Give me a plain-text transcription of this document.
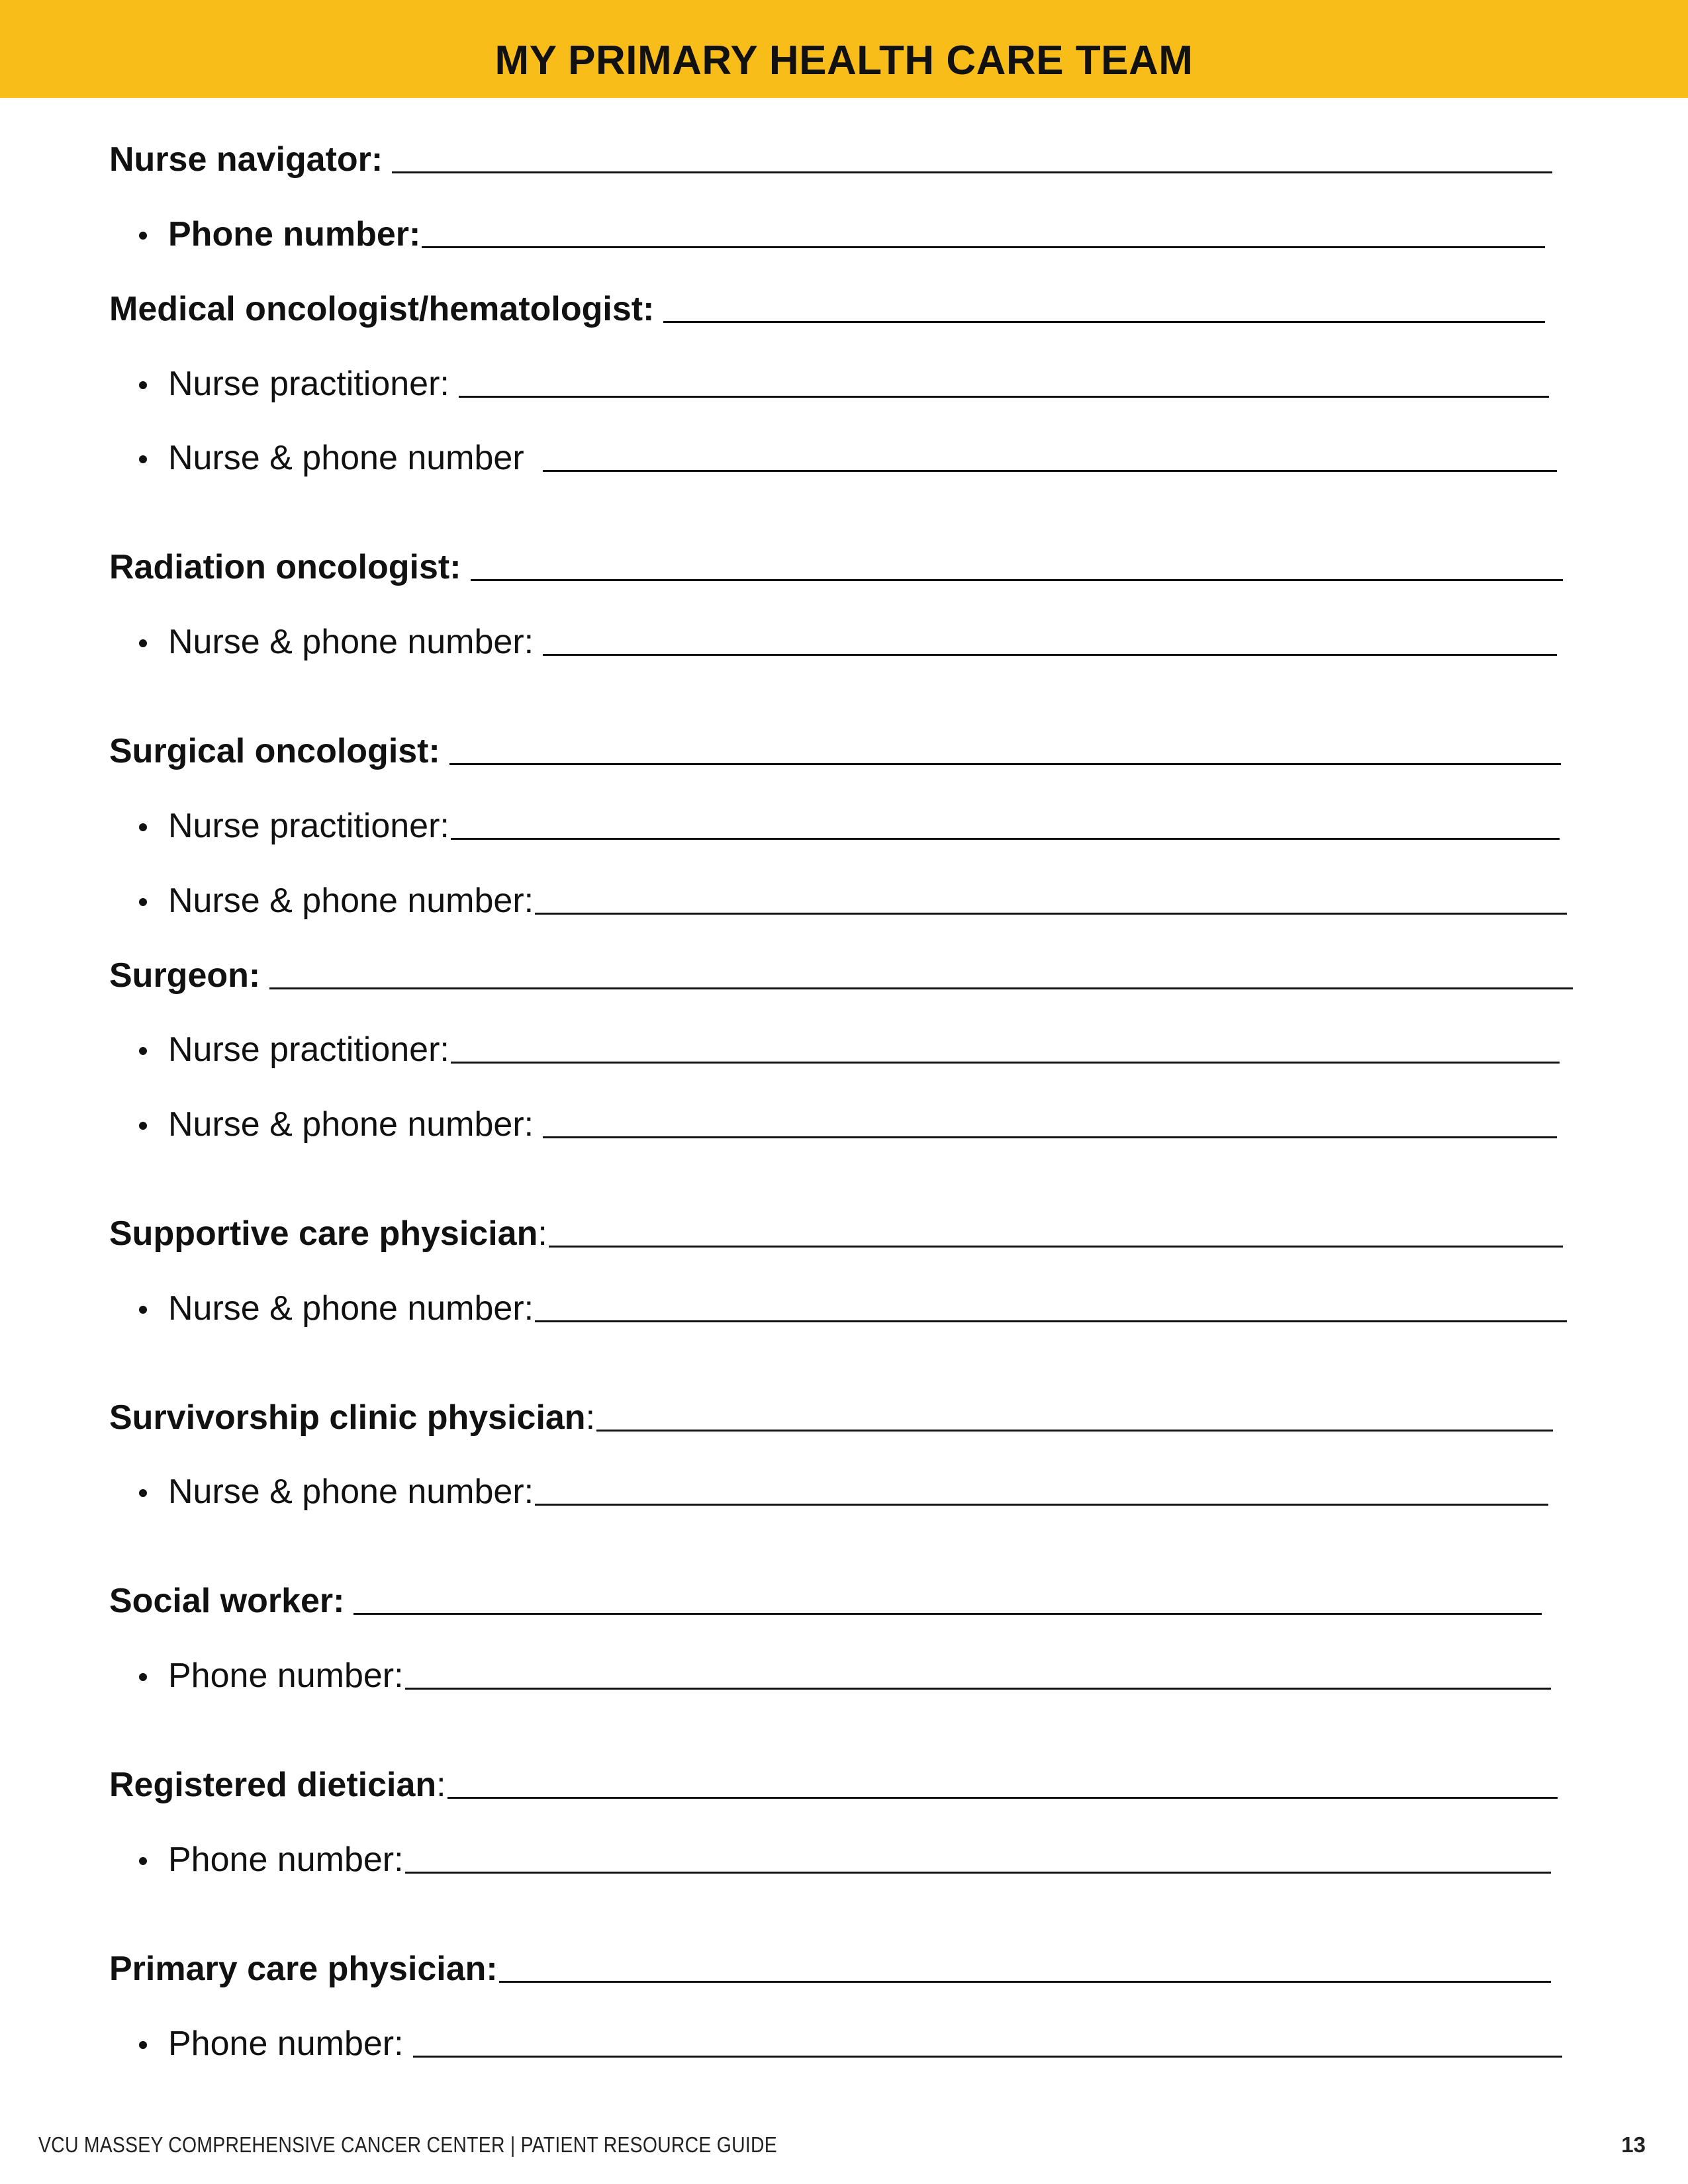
MY PRIMARY HEALTH CARE TEAM
Nurse navigator:
Phone number:
Medical oncologist/hematologist:
Nurse practitioner:
Nurse & phone number
Radiation oncologist:
Nurse & phone number:
Surgical oncologist:
Nurse practitioner:
Nurse & phone number:
Surgeon:
Nurse practitioner:
Nurse & phone number:
Supportive care physician :
Nurse & phone number:
Survivorship clinic physician :
Nurse & phone number:
Social worker:
Phone number:
Registered dietician :
Phone number:
Primary care physician:
Phone number:
VCU MASSEY COMPREHENSIVE CANCER CENTER | PATIENT RESOURCE GUIDE	13
